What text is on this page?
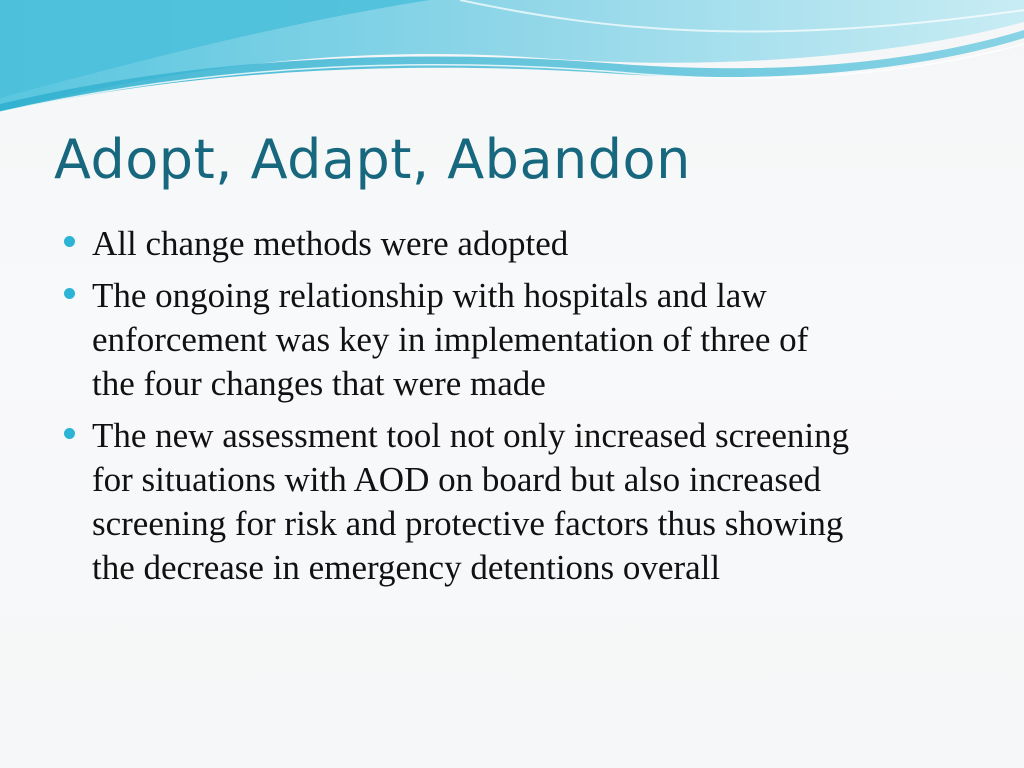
Adopt, Adapt, Abandon
All change methods were adopted
The ongoing relationship with hospitals and law
enforcement was key in implementation of three of
the four changes that were made
The new assessment tool not only increased screening
for situations with AOD on board but also increased
screening for risk and protective factors thus showing
the decrease in emergency detentions overall
